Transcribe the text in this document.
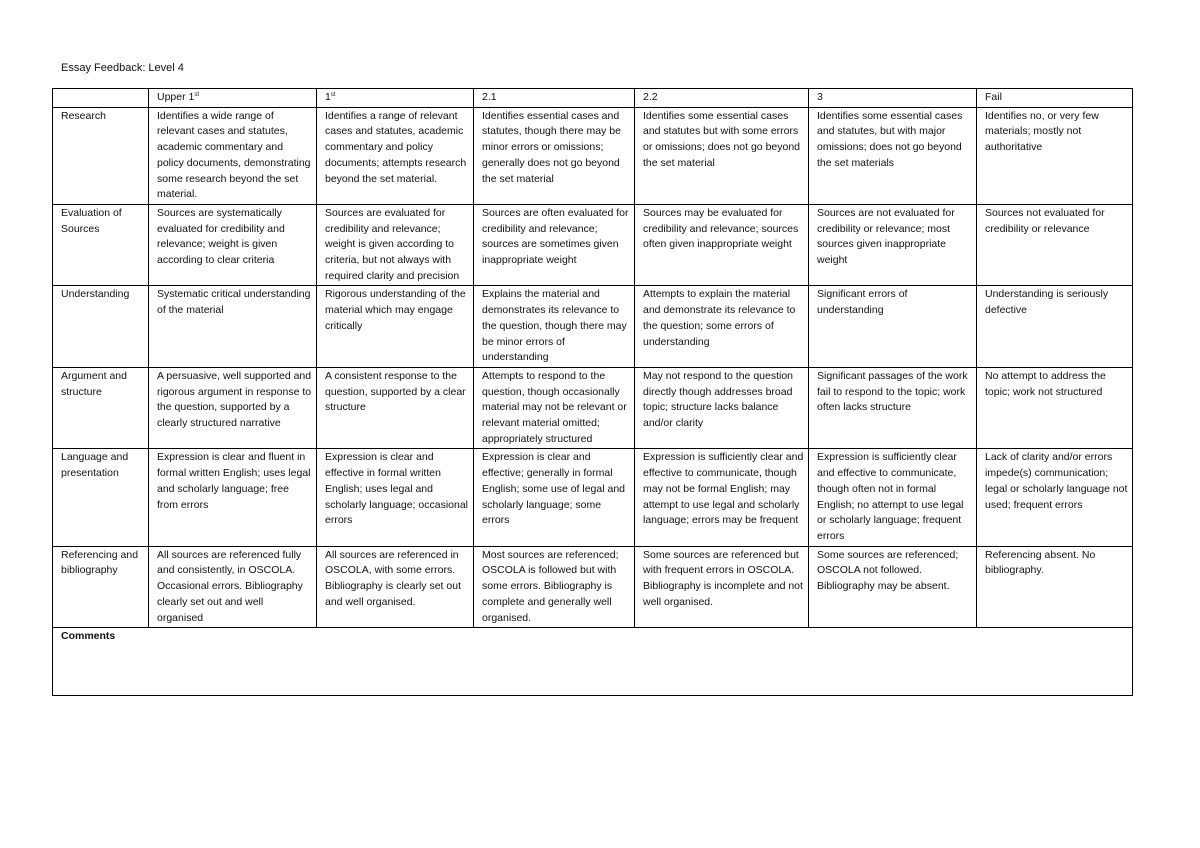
Essay Feedback: Level 4
	Upper 1st	1st	2.1	2.2	3	Fail
Research	Identifies a wide range of relevant cases and statutes, academic commentary and policy documents, demonstrating some research beyond the set material.	Identifies a range of relevant cases and statutes, academic commentary and policy documents; attempts research beyond the set material.	Identifies essential cases and statutes, though there may be minor errors or omissions; generally does not go beyond the set material	Identifies some essential cases and statutes but with some errors or omissions; does not go beyond the set material	Identifies some essential cases and statutes, but with major omissions; does not go beyond the set materials	Identifies no, or very few materials; mostly not authoritative
Evaluation of Sources	Sources are systematically evaluated for credibility and relevance; weight is given according to clear criteria	Sources are evaluated for credibility and relevance; weight is given according to criteria, but not always with required clarity and precision	Sources are often evaluated for credibility and relevance; sources are sometimes given inappropriate weight	Sources may be evaluated for credibility and relevance; sources often given inappropriate weight	Sources are not evaluated for credibility or relevance; most sources given inappropriate weight	Sources not evaluated for credibility or relevance
Understanding	Systematic critical understanding of the material	Rigorous understanding of the material which may engage critically	Explains the material and demonstrates its relevance to the question, though there may be minor errors of understanding	Attempts to explain the material and demonstrate its relevance to the question; some errors of understanding	Significant errors of understanding	Understanding is seriously defective
Argument and structure	A persuasive, well supported and rigorous argument in response to the question, supported by a clearly structured narrative	A consistent response to the question, supported by a clear structure	Attempts to respond to the question, though occasionally material may not be relevant or relevant material omitted; appropriately structured	May not respond to the question directly though addresses broad topic; structure lacks balance and/or clarity	Significant passages of the work fail to respond to the topic; work often lacks structure	No attempt to address the topic; work not structured
Language and presentation	Expression is clear and fluent in formal written English; uses legal and scholarly language; free from errors	Expression is clear and effective in formal written English; uses legal and scholarly language; occasional errors	Expression is clear and effective; generally in formal English; some use of legal and scholarly language; some errors	Expression is sufficiently clear and effective to communicate, though may not be formal English; may attempt to use legal and scholarly language; errors may be frequent	Expression is sufficiently clear and effective to communicate, though often not in formal English; no attempt to use legal or scholarly language; frequent errors	Lack of clarity and/or errors impede(s) communication; legal or scholarly language not used; frequent errors
Referencing and bibliography	All sources are referenced fully and consistently, in OSCOLA. Occasional errors. Bibliography clearly set out and well organised	All sources are referenced in OSCOLA, with some errors. Bibliography is clearly set out and well organised.	Most sources are referenced; OSCOLA is followed but with some errors. Bibliography is complete and generally well organised.	Some sources are referenced but with frequent errors in OSCOLA. Bibliography is incomplete and not well organised.	Some sources are referenced; OSCOLA not followed. Bibliography may be absent.	Referencing absent. No bibliography.
Comments						
